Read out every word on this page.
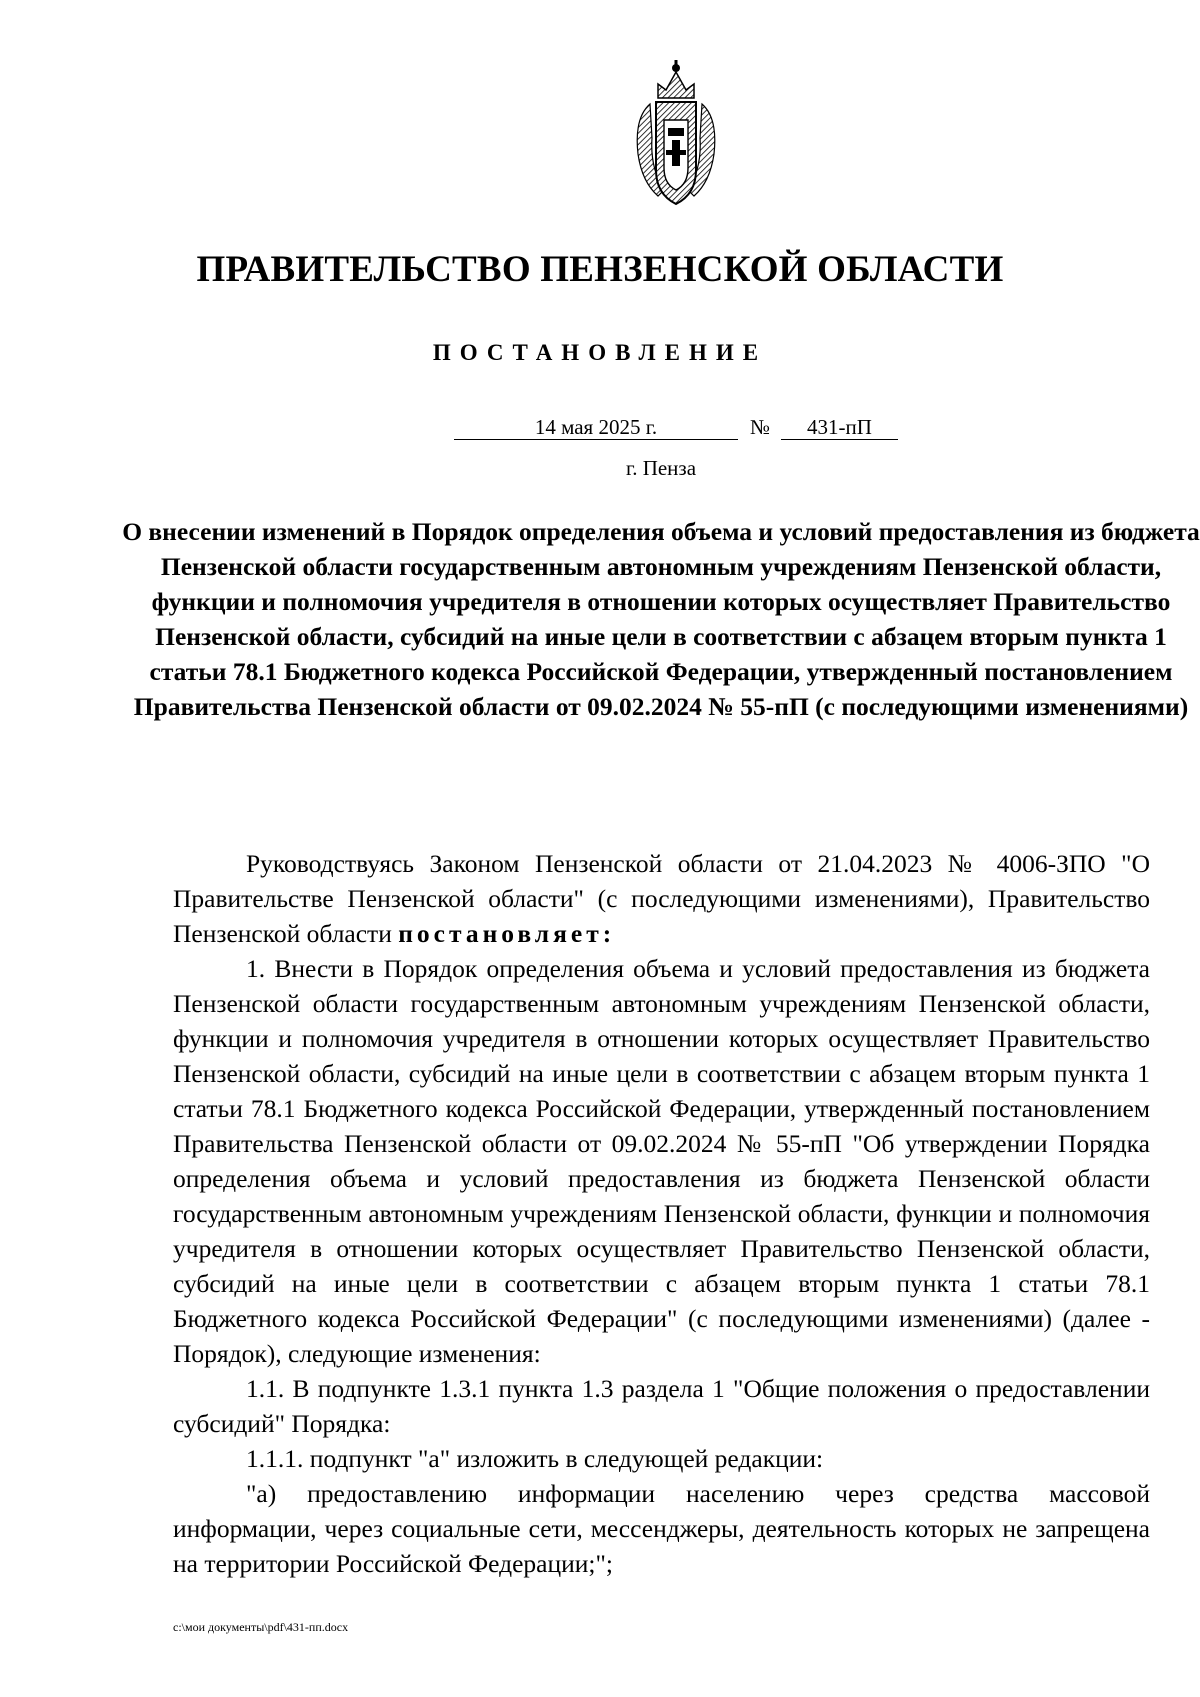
ПРАВИТЕЛЬСТВО ПЕНЗЕНСКОЙ ОБЛАСТИ
ПОСТАНОВЛЕНИЕ
14 мая 2025 г.	№	431-пП
г. Пенза

О внесении изменений в Порядок определения объема и условий предоставления из бюджета Пензенской области государственным автономным учреждениям Пензенской области, функции и полномочия учредителя в отношении которых осуществляет Правительство Пензенской области, субсидий на иные цели в соответствии с абзацем вторым пункта 1 статьи 78.1 Бюджетного кодекса Российской Федерации, утвержденный постановлением Правительства Пензенской области от 09.02.2024 № 55-пП (с последующими изменениями)

Руководствуясь Законом Пензенской области от 21.04.2023 № 4006-ЗПО "О Правительстве Пензенской области" (с последующими изменениями), Правительство Пензенской области постановляет:

1. Внести в Порядок определения объема и условий предоставления из бюджета Пензенской области государственным автономным учреждениям Пензенской области, функции и полномочия учредителя в отношении которых осуществляет Правительство Пензенской области, субсидий на иные цели в соответствии с абзацем вторым пункта 1 статьи 78.1 Бюджетного кодекса Российской Федерации, утвержденный постановлением Правительства Пензенской области от 09.02.2024 № 55-пП "Об утверждении Порядка определения объема и условий предоставления из бюджета Пензенской области государственным автономным учреждениям Пензенской области, функции и полномочия учредителя в отношении которых осуществляет Правительство Пензенской области, субсидий на иные цели в соответствии с абзацем вторым пункта 1 статьи 78.1 Бюджетного кодекса Российской Федерации" (с последующими изменениями) (далее - Порядок), следующие изменения:

1.1. В подпункте 1.3.1 пункта 1.3 раздела 1 "Общие положения о предоставлении субсидий" Порядка:

1.1.1. подпункт "а" изложить в следующей редакции:

"а) предоставлению информации населению через средства массовой информации, через социальные сети, мессенджеры, деятельность которых не запрещена на территории Российской Федерации;";

c:\мои документы\pdf\431-пп.docx
